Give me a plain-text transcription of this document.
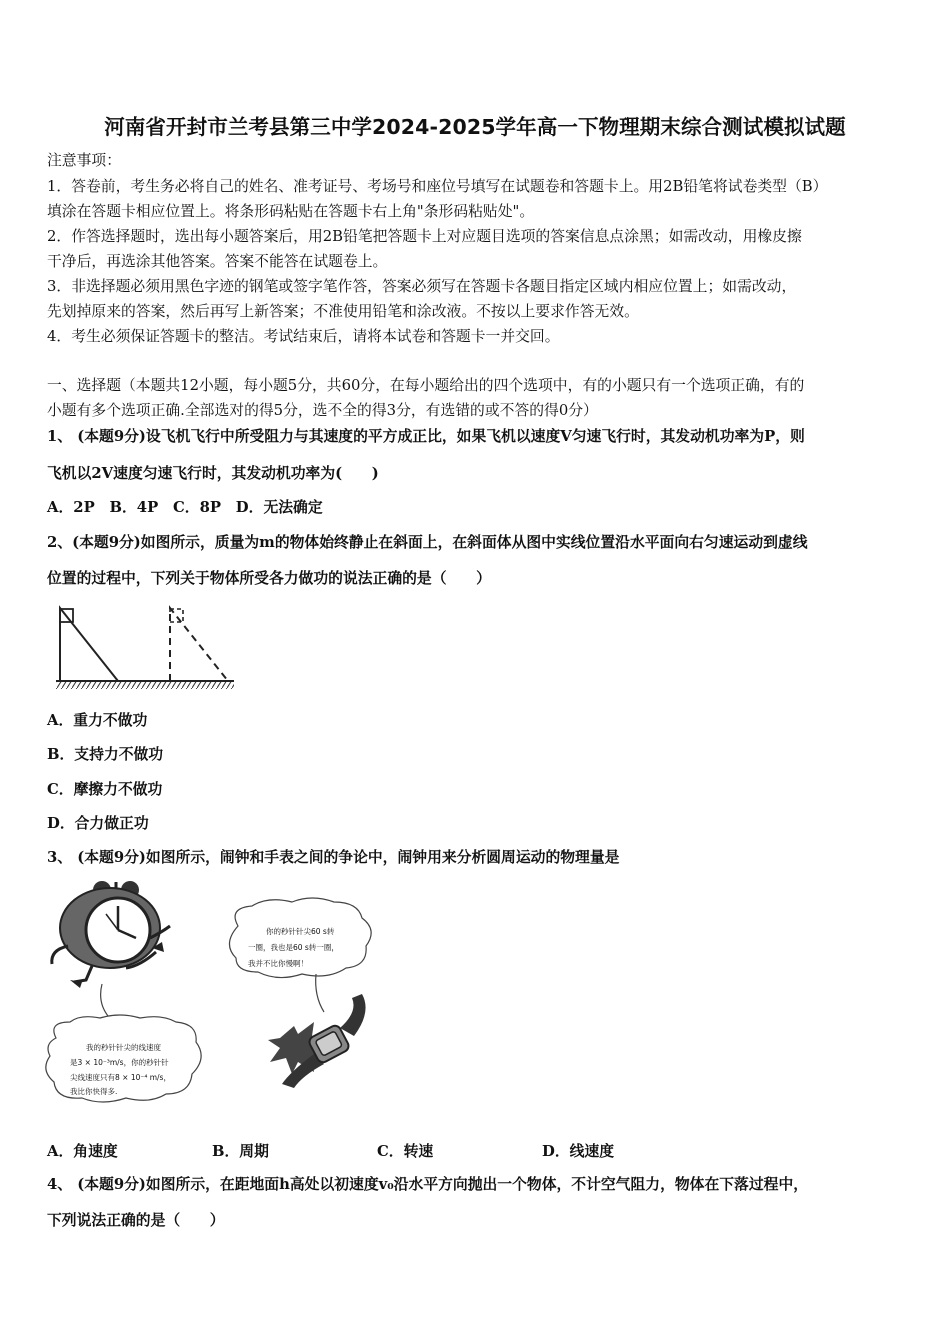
河南省开封市兰考县第三中学2024-2025学年高一下物理期末综合测试模拟试题
注意事项：
1．答卷前，考生务必将自己的姓名、准考证号、考场号和座位号填写在试题卷和答题卡上。用2B铅笔将试卷类型（B）
填涂在答题卡相应位置上。将条形码粘贴在答题卡右上角"条形码粘贴处"。
2．作答选择题时，选出每小题答案后，用2B铅笔把答题卡上对应题目选项的答案信息点涂黑；如需改动，用橡皮擦
干净后，再选涂其他答案。答案不能答在试题卷上。
3．非选择题必须用黑色字迹的钢笔或签字笔作答，答案必须写在答题卡各题目指定区域内相应位置上；如需改动，
先划掉原来的答案，然后再写上新答案；不准使用铅笔和涂改液。不按以上要求作答无效。
4．考生必须保证答题卡的整洁。考试结束后，请将本试卷和答题卡一并交回。
一、选择题（本题共12小题，每小题5分，共60分，在每小题给出的四个选项中，有的小题只有一个选项正确，有的
小题有多个选项正确.全部选对的得5分，选不全的得3分，有选错的或不答的得0分）
1、 (本题9分)设飞机飞行中所受阻力与其速度的平方成正比，如果飞机以速度V匀速飞行时，其发动机功率为P，则
飞机以2V速度匀速飞行时，其发动机功率为(　　)
A．2P　B．4P　C．8P　D．无法确定
2、(本题9分)如图所示，质量为m的物体始终静止在斜面上，在斜面体从图中实线位置沿水平面向右匀速运动到虚线
位置的过程中，下列关于物体所受各力做功的说法正确的是（　　）
A．重力不做功
B．支持力不做功
C．摩擦力不做功
D．合力做正功
3、 (本题9分)如图所示，闹钟和手表之间的争论中，闹钟用来分析圆周运动的物理量是
我的秒针针尖的线速度
是3 × 10⁻³m/s，你的秒针针
尖线速度只有8 × 10⁻⁴ m/s，
我比你快得多.
你的秒针针尖60 s转
一圈，我也是60 s转一圈，
我并不比你慢啊！
A．角速度	B．周期	C．转速	D．线速度
4、 (本题9分)如图所示，在距地面h高处以初速度v₀沿水平方向抛出一个物体，不计空气阻力，物体在下落过程中，
下列说法正确的是（　　）
